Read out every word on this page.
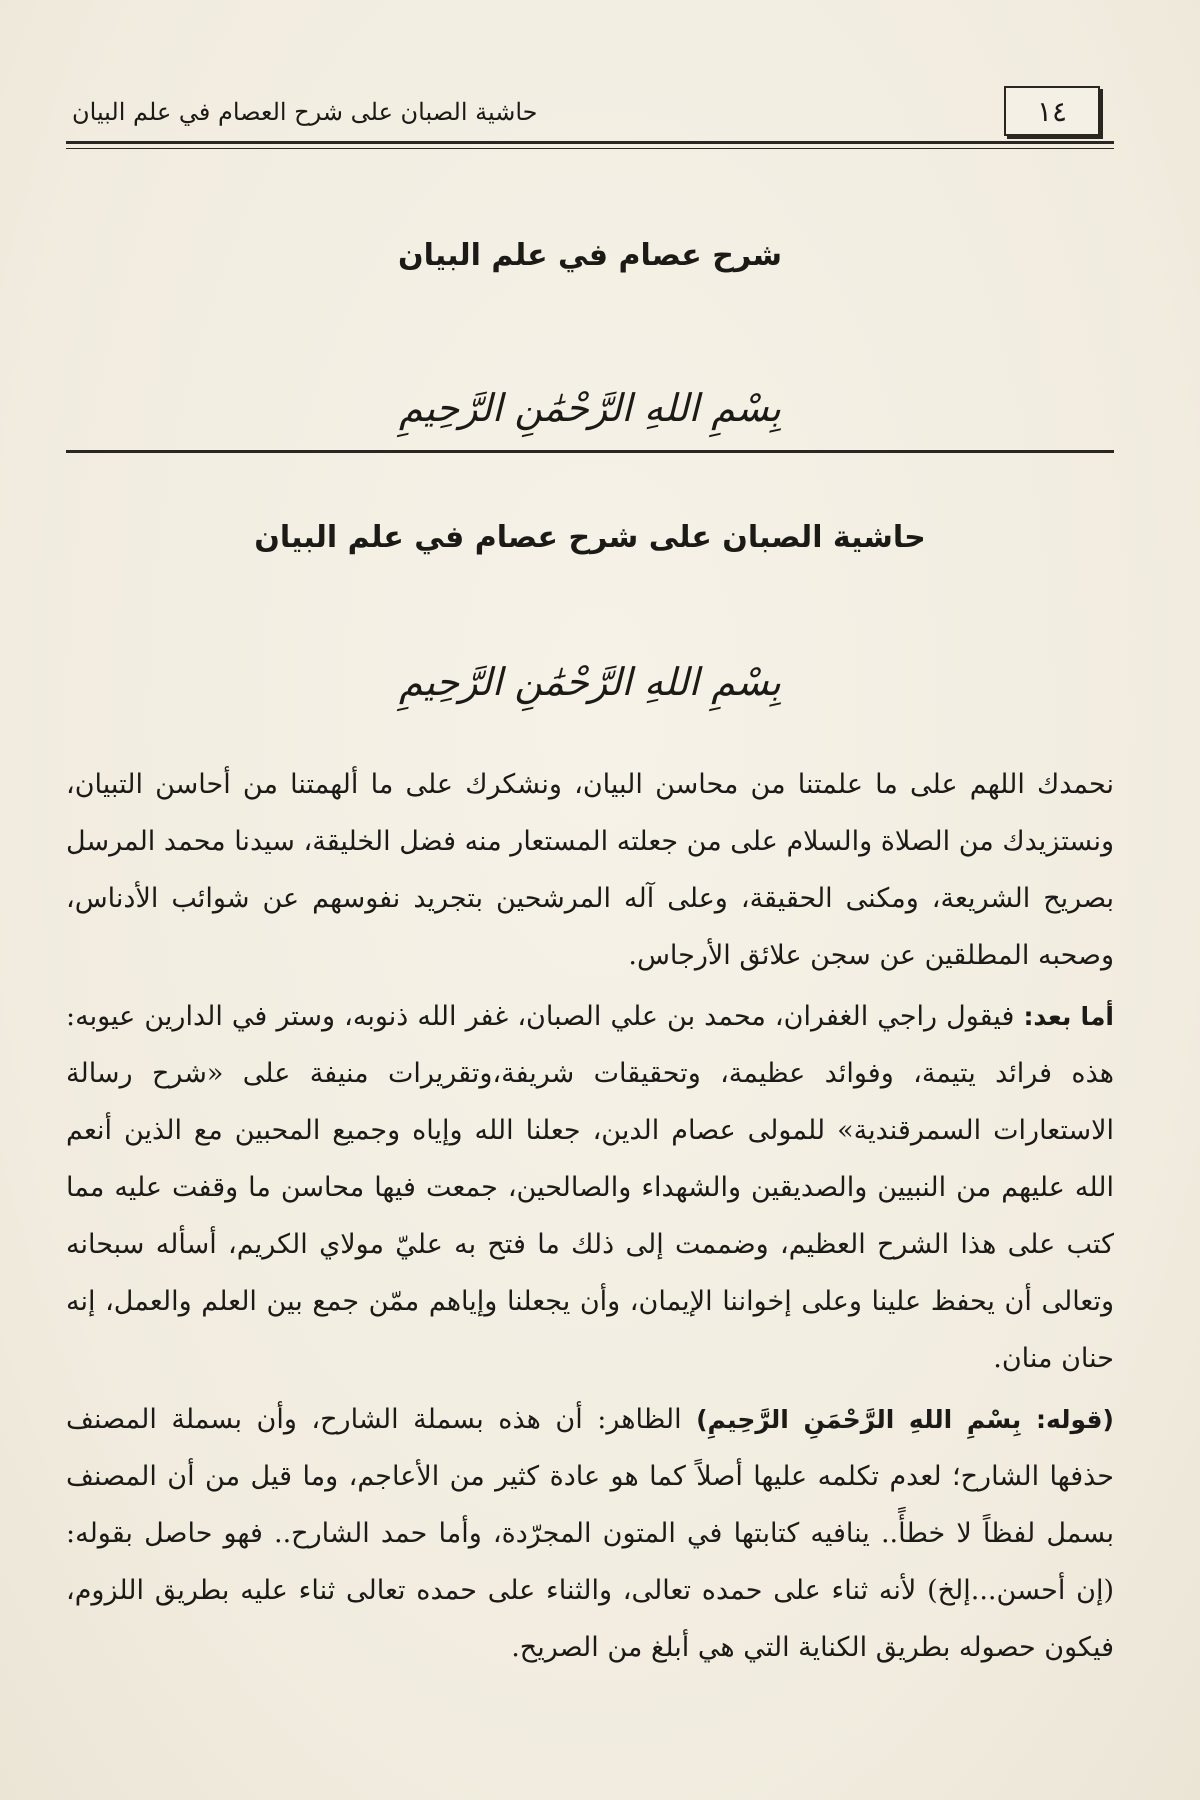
١٤
حاشية الصبان على شرح العصام في علم البيان
شرح عصام في علم البيان
بِسْمِ اللهِ الرَّحْمَٰنِ الرَّحِيمِ
حاشية الصبان على شرح عصام في علم البيان
بِسْمِ اللهِ الرَّحْمَٰنِ الرَّحِيمِ

نحمدك اللهم على ما علمتنا من محاسن البيان، ونشكرك على ما ألهمتنا من أحاسن التبيان، ونستزيدك من الصلاة والسلام على من جعلته المستعار منه فضل الخليقة، سيدنا محمد المرسل بصريح الشريعة، ومكنى الحقيقة، وعلى آله المرشحين بتجريد نفوسهم عن شوائب الأدناس، وصحبه المطلقين عن سجن علائق الأرجاس.

أما بعد: فيقول راجي الغفران، محمد بن علي الصبان، غفر الله ذنوبه، وستر في الدارين عيوبه: هذه فرائد يتيمة، وفوائد عظيمة، وتحقيقات شريفة،وتقريرات منيفة على «شرح رسالة الاستعارات السمرقندية» للمولى عصام الدين، جعلنا الله وإياه وجميع المحبين مع الذين أنعم الله عليهم من النبيين والصديقين والشهداء والصالحين، جمعت فيها محاسن ما وقفت عليه مما كتب على هذا الشرح العظيم، وضممت إلى ذلك ما فتح به عليّ مولاي الكريم، أسأله سبحانه وتعالى أن يحفظ علينا وعلى إخواننا الإيمان، وأن يجعلنا وإياهم ممّن جمع بين العلم والعمل، إنه حنان منان.

(قوله: بِسْمِ اللهِ الرَّحْمَنِ الرَّحِيمِ) الظاهر: أن هذه بسملة الشارح، وأن بسملة المصنف حذفها الشارح؛ لعدم تكلمه عليها أصلاً كما هو عادة كثير من الأعاجم، وما قيل من أن المصنف بسمل لفظاً لا خطأً.. ينافيه كتابتها في المتون المجرّدة، وأما حمد الشارح.. فهو حاصل بقوله: (إن أحسن...إلخ) لأنه ثناء على حمده تعالى، والثناء على حمده تعالى ثناء عليه بطريق اللزوم، فيكون حصوله بطريق الكناية التي هي أبلغ من الصريح.
